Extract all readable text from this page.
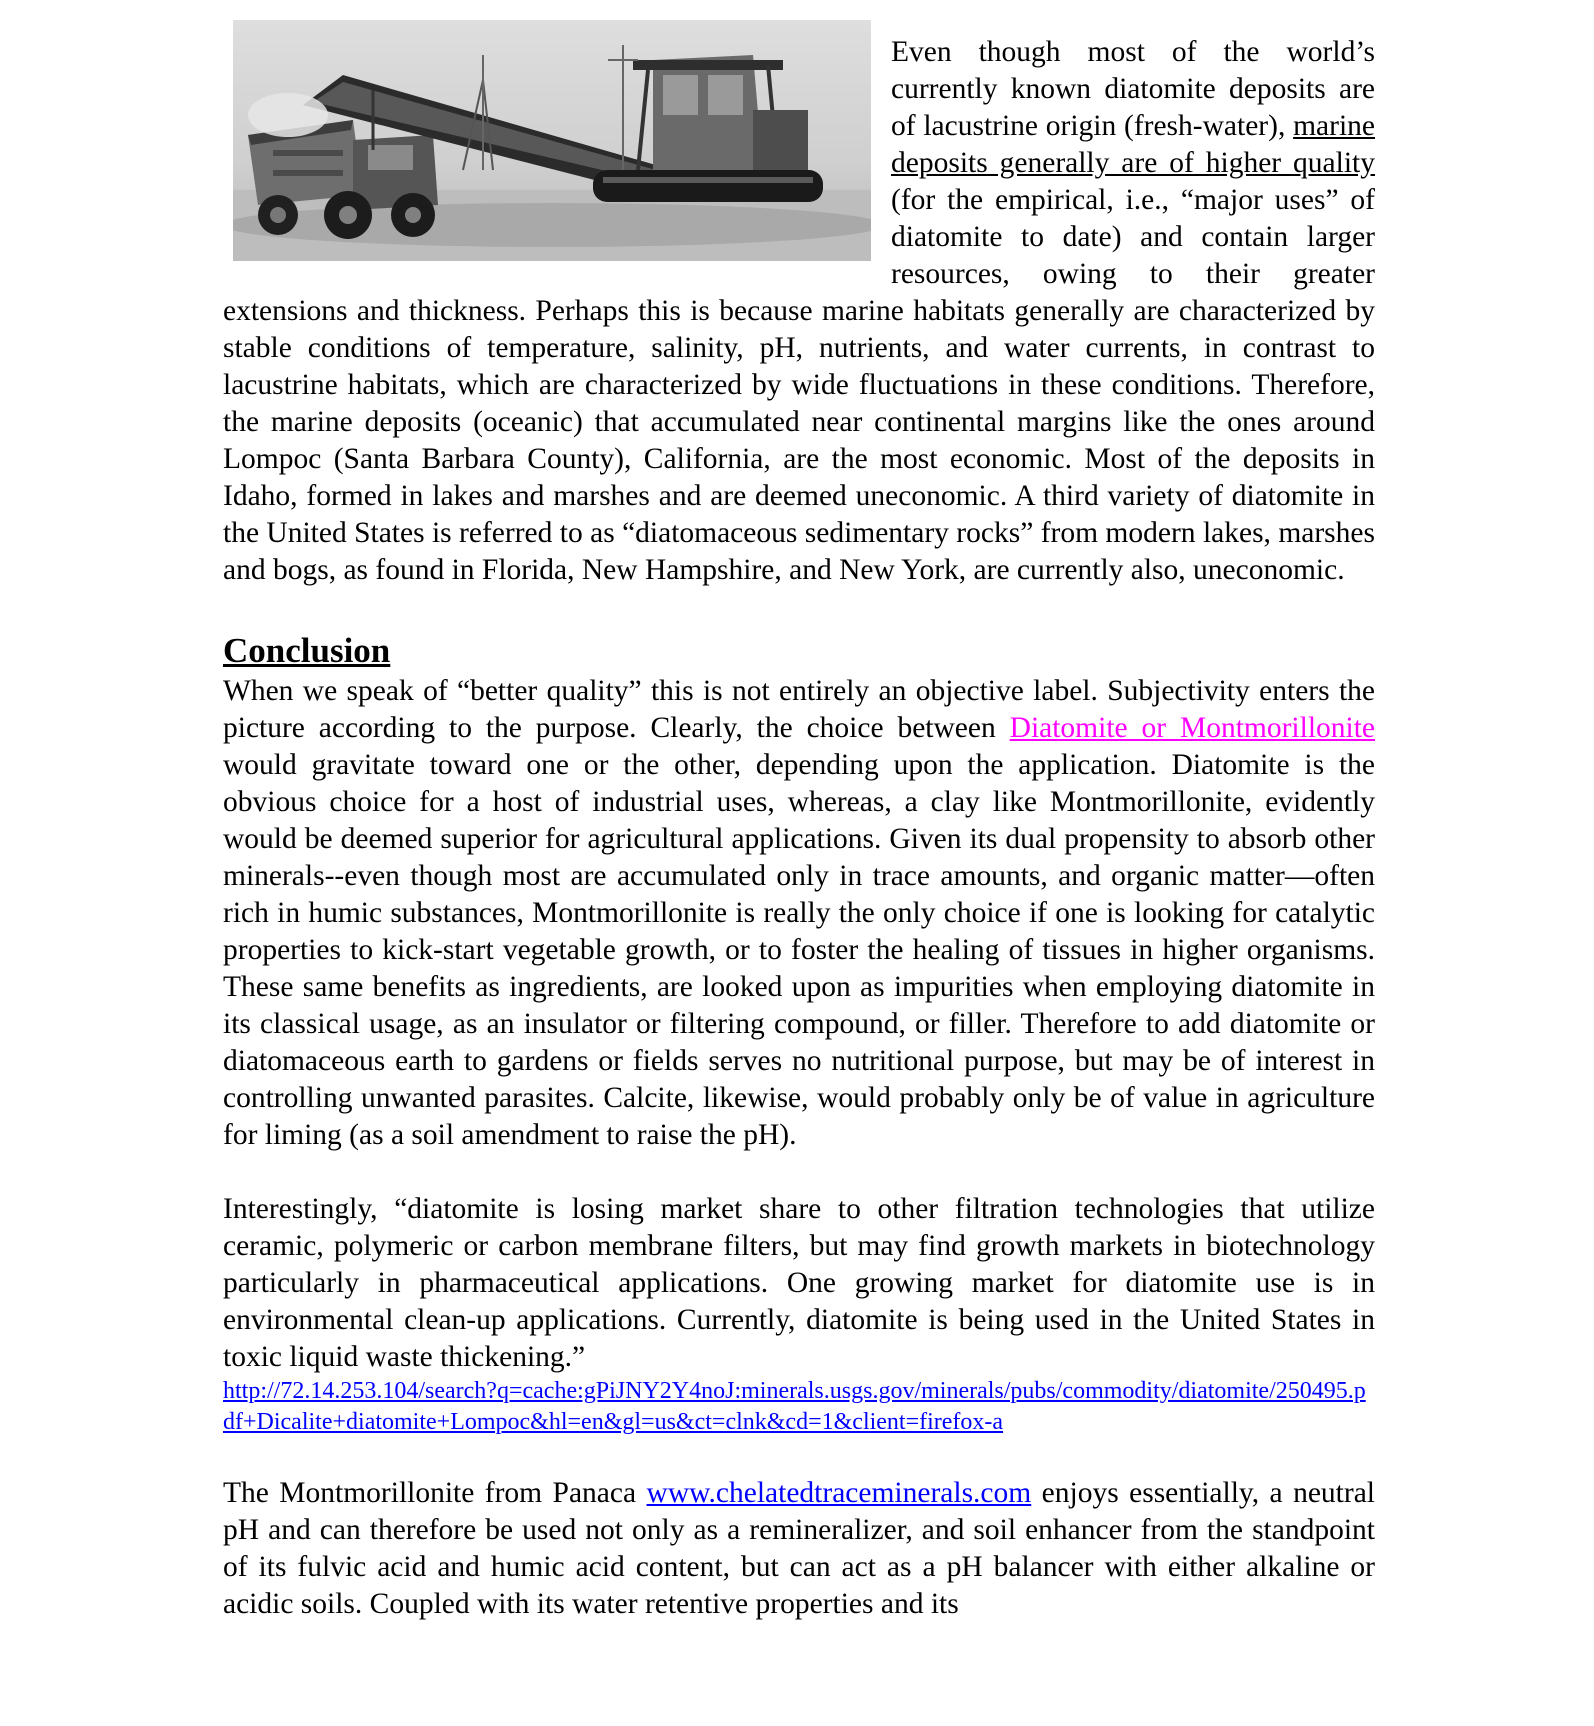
Even though most of the world’s currently known diatomite deposits are of lacustrine origin (fresh-water), marine deposits generally are of higher quality (for the empirical, i.e., “major uses” of diatomite to date) and contain larger resources, owing to their greater extensions and thickness. Perhaps this is because marine habitats generally are characterized by stable conditions of temperature, salinity, pH, nutrients, and water currents, in contrast to lacustrine habitats, which are characterized by wide fluctuations in these conditions. Therefore, the marine deposits (oceanic) that accumulated near continental margins like the ones around Lompoc (Santa Barbara County), California, are the most economic. Most of the deposits in Idaho, formed in lakes and marshes and are deemed uneconomic. A third variety of diatomite in the United States is referred to as “diatomaceous sedimentary rocks” from modern lakes, marshes and bogs, as found in Florida, New Hampshire, and New York, are currently also, uneconomic.

Conclusion

When we speak of “better quality” this is not entirely an objective label. Subjectivity enters the picture according to the purpose. Clearly, the choice between Diatomite or Montmorillonite would gravitate toward one or the other, depending upon the application. Diatomite is the obvious choice for a host of industrial uses, whereas, a clay like Montmorillonite, evidently would be deemed superior for agricultural applications. Given its dual propensity to absorb other minerals--even though most are accumulated only in trace amounts, and organic matter—often rich in humic substances, Montmorillonite is really the only choice if one is looking for catalytic properties to kick-start vegetable growth, or to foster the healing of tissues in higher organisms. These same benefits as ingredients, are looked upon as impurities when employing diatomite in its classical usage, as an insulator or filtering compound, or filler. Therefore to add diatomite or diatomaceous earth to gardens or fields serves no nutritional purpose, but may be of interest in controlling unwanted parasites. Calcite, likewise, would probably only be of value in agriculture for liming (as a soil amendment to raise the pH).

Interestingly, “diatomite is losing market share to other filtration technologies that utilize ceramic, polymeric or carbon membrane filters, but may find growth markets in biotechnology particularly in pharmaceutical applications. One growing market for diatomite use is in environmental clean-up applications. Currently, diatomite is being used in the United States in toxic liquid waste thickening.”

http://72.14.253.104/search?q=cache:gPiJNY2Y4noJ:minerals.usgs.gov/minerals/pubs/commodity/diatomite/250495.pdf+Dicalite+diatomite+Lompoc&hl=en&gl=us&ct=clnk&cd=1&client=firefox-a

The Montmorillonite from Panaca www.chelatedtraceminerals.com enjoys essentially, a neutral pH and can therefore be used not only as a remineralizer, and soil enhancer from the standpoint of its fulvic acid and humic acid content, but can act as a pH balancer with either alkaline or acidic soils. Coupled with its water retentive properties and its
